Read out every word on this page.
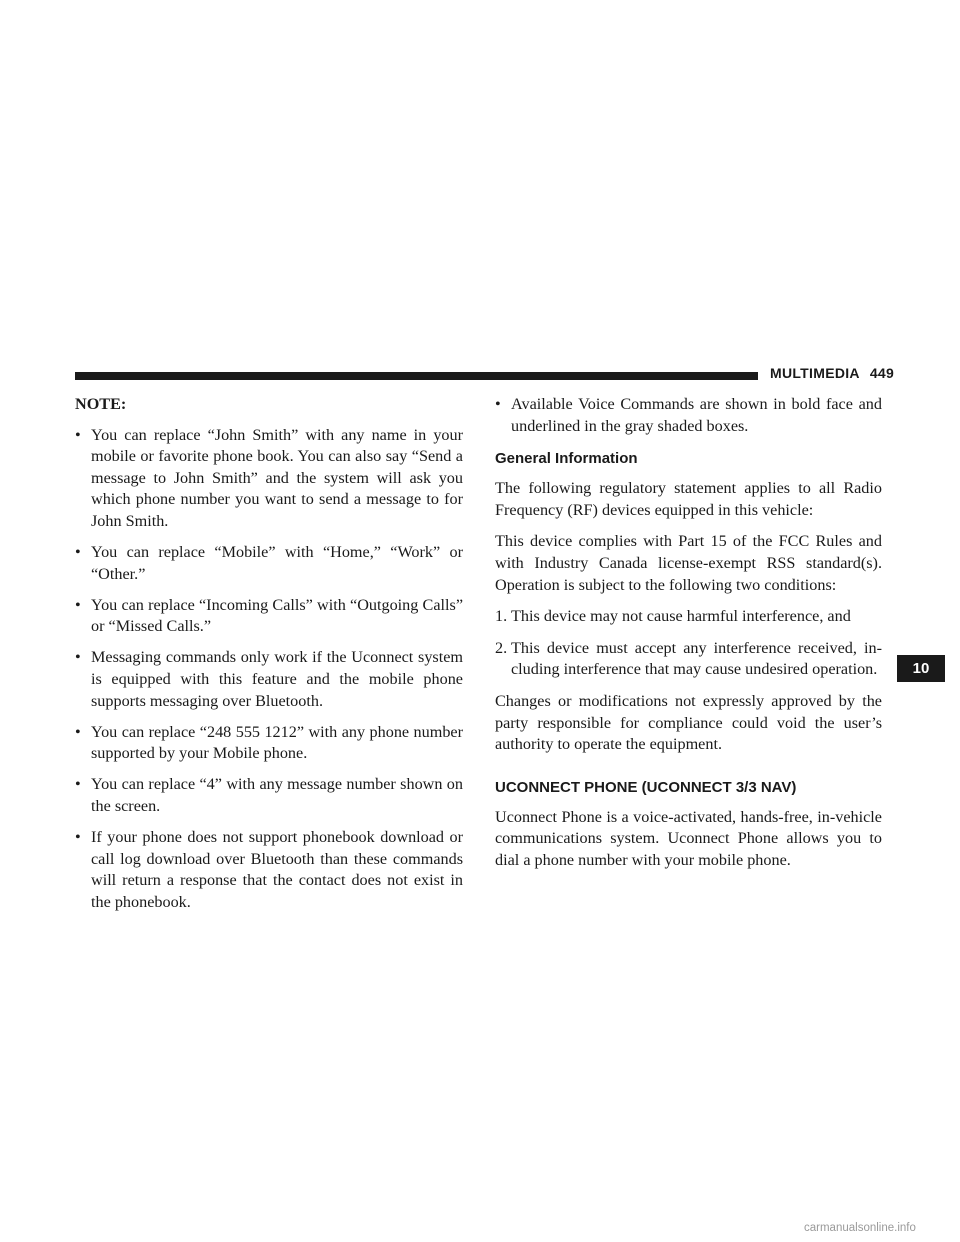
MULTIMEDIA 449
NOTE:
• You can replace “John Smith” with any name in your mobile or favorite phone book. You can also say “Send a message to John Smith” and the system will ask you which phone number you want to send a message to for John Smith.
• You can replace “Mobile” with “Home,” “Work” or “Other.”
• You can replace “Incoming Calls” with “Outgoing Calls” or “Missed Calls.”
• Messaging commands only work if the Uconnect system is equipped with this feature and the mobile phone supports messaging over Bluetooth.
• You can replace “248 555 1212” with any phone number supported by your Mobile phone.
• You can replace “4” with any message number shown on the screen.
• If your phone does not support phonebook download or call log download over Bluetooth than these commands will return a response that the contact does not exist in the phonebook.
• Available Voice Commands are shown in bold face and underlined in the gray shaded boxes.
General Information

The following regulatory statement applies to all Radio Frequency (RF) devices equipped in this vehicle:

This device complies with Part 15 of the FCC Rules and with Industry Canada license-exempt RSS standard(s). Operation is subject to the following two conditions:

1. This device may not cause harmful interference, and
2. This device must accept any interference received, including interference that may cause undesired operation.

Changes or modifications not expressly approved by the party responsible for compliance could void the user’s authority to operate the equipment.

UCONNECT PHONE (UCONNECT 3/3 NAV)

Uconnect Phone is a voice-activated, hands-free, in-vehicle communications system. Uconnect Phone allows you to dial a phone number with your mobile phone.

10
carmanualsonline.info
